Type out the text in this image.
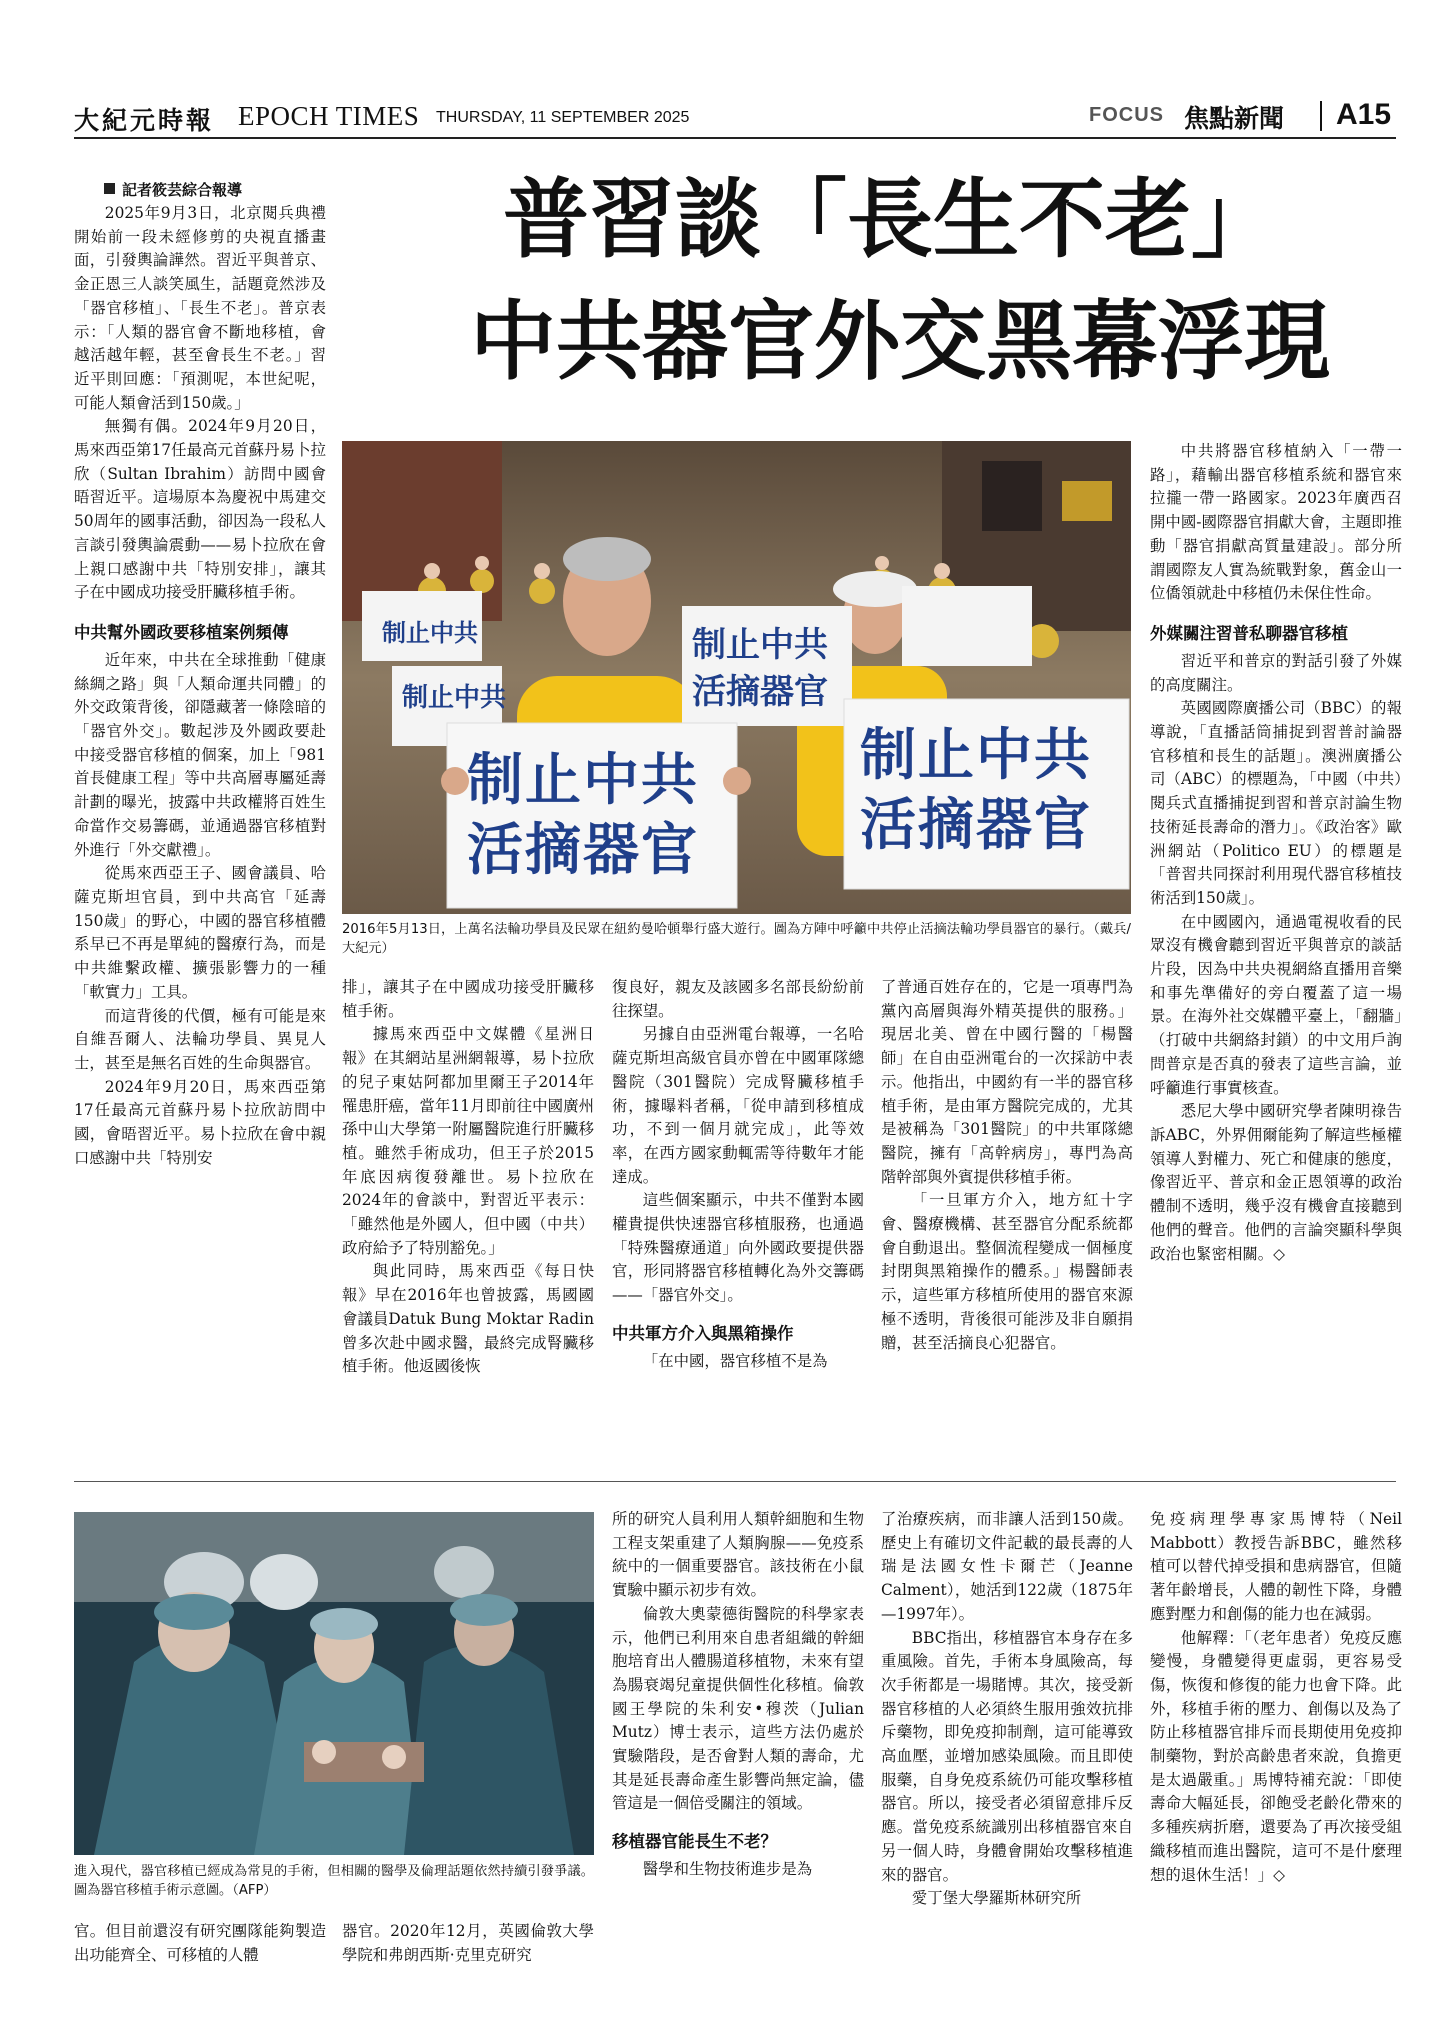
大紀元時報 EPOCH TIMES THURSDAY, 11 SEPTEMBER 2025	FOCUS 焦點新聞 A15
普習談「長生不老」
中共器官外交黑幕浮現

記者筱芸綜合報導

2025年9月3日，北京閱兵典禮開始前一段未經修剪的央視直播畫面，引發輿論譁然。習近平與普京、金正恩三人談笑風生，話題竟然涉及「器官移植」、「長生不老」。普京表示：「人類的器官會不斷地移植，會越活越年輕，甚至會長生不老。」習近平則回應：「預測呢，本世紀呢，可能人類會活到150歲。」

無獨有偶。2024年9月20日，馬來西亞第17任最高元首蘇丹易卜拉欣（Sultan Ibrahim）訪問中國會晤習近平。這場原本為慶祝中馬建交50周年的國事活動，卻因為一段私人言談引發輿論震動——易卜拉欣在會上親口感謝中共「特別安排」，讓其子在中國成功接受肝臟移植手術。

中共幫外國政要移植案例頻傳

近年來，中共在全球推動「健康絲綢之路」與「人類命運共同體」的外交政策背後，卻隱藏著一條陰暗的「器官外交」。數起涉及外國政要赴中接受器官移植的個案，加上「981首長健康工程」等中共高層專屬延壽計劃的曝光，披露中共政權將百姓生命當作交易籌碼，並通過器官移植對外進行「外交獻禮」。

從馬來西亞王子、國會議員、哈薩克斯坦官員，到中共高官「延壽150歲」的野心，中國的器官移植體系早已不再是單純的醫療行為，而是中共維繫政權、擴張影響力的一種「軟實力」工具。

而這背後的代價，極有可能是來自維吾爾人、法輪功學員、異見人士，甚至是無名百姓的生命與器官。

2024年9月20日，馬來西亞第17任最高元首蘇丹易卜拉欣訪問中國，會晤習近平。易卜拉欣在會中親口感謝中共「特別安

制止中共
制止中共
制止中共
活摘器官
制止中共
活摘器官
制止中共
活摘器官
2016年5月13日，上萬名法輪功學員及民眾在紐約曼哈頓舉行盛大遊行。圖為方陣中呼籲中共停止活摘法輪功學員器官的暴行。（戴兵/大紀元）

排」，讓其子在中國成功接受肝臟移植手術。

據馬來西亞中文媒體《星洲日報》在其網站星洲網報導，易卜拉欣的兒子東姑阿都加里爾王子2014年罹患肝癌，當年11月即前往中國廣州孫中山大學第一附屬醫院進行肝臟移植。雖然手術成功，但王子於2015年底因病復發離世。易卜拉欣在2024年的會談中，對習近平表示：「雖然他是外國人，但中國（中共）政府給予了特別豁免。」

與此同時，馬來西亞《每日快報》早在2016年也曾披露，馬國國會議員Datuk Bung Moktar Radin曾多次赴中國求醫，最終完成腎臟移植手術。他返國後恢

復良好，親友及該國多名部長紛紛前往探望。

另據自由亞洲電台報導，一名哈薩克斯坦高級官員亦曾在中國軍隊總醫院（301醫院）完成腎臟移植手術，據曝料者稱，「從申請到移植成功，不到一個月就完成」，此等效率，在西方國家動輒需等待數年才能達成。

這些個案顯示，中共不僅對本國權貴提供快速器官移植服務，也通過「特殊醫療通道」向外國政要提供器官，形同將器官移植轉化為外交籌碼——「器官外交」。

中共軍方介入與黑箱操作

「在中國，器官移植不是為

了普通百姓存在的，它是一項專門為黨內高層與海外精英提供的服務。」現居北美、曾在中國行醫的「楊醫師」在自由亞洲電台的一次採訪中表示。他指出，中國約有一半的器官移植手術，是由軍方醫院完成的，尤其是被稱為「301醫院」的中共軍隊總醫院，擁有「高幹病房」，專門為高階幹部與外賓提供移植手術。

「一旦軍方介入，地方紅十字會、醫療機構、甚至器官分配系統都會自動退出。整個流程變成一個極度封閉與黑箱操作的體系。」楊醫師表示，這些軍方移植所使用的器官來源極不透明，背後很可能涉及非自願捐贈，甚至活摘良心犯器官。

中共將器官移植納入「一帶一路」，藉輸出器官移植系統和器官來拉攏一帶一路國家。2023年廣西召開中國-國際器官捐獻大會，主題即推動「器官捐獻高質量建設」。部分所謂國際友人實為統戰對象，舊金山一位僑領就赴中移植仍未保住性命。

外媒關注習普私聊器官移植

習近平和普京的對話引發了外媒的高度關注。

英國國際廣播公司（BBC）的報導說，「直播話筒捕捉到習普討論器官移植和長生的話題」。澳洲廣播公司（ABC）的標題為，「中國（中共）閱兵式直播捕捉到習和普京討論生物技術延長壽命的潛力」。《政治客》歐洲網站（Politico EU）的標題是「普習共同探討利用現代器官移植技術活到150歲」。

在中國國內，通過電視收看的民眾沒有機會聽到習近平與普京的談話片段，因為中共央視網絡直播用音樂和事先準備好的旁白覆蓋了這一場景。在海外社交媒體平臺上，「翻牆」（打破中共網絡封鎖）的中文用戶詢問普京是否真的發表了這些言論，並呼籲進行事實核查。

悉尼大學中國研究學者陳明祿告訴ABC，外界佣爾能夠了解這些極權領導人對權力、死亡和健康的態度，像習近平、普京和金正恩領導的政治體制不透明，幾乎沒有機會直接聽到他們的聲音。他們的言論突顯科學與政治也緊密相關。◇

進入現代，器官移植已經成為常見的手術，但相關的醫學及倫理話題依然持續引發爭議。圖為器官移植手術示意圖。（AFP）

官。但目前還沒有研究團隊能夠製造出功能齊全、可移植的人體

器官。2020年12月，英國倫敦大學學院和弗朗西斯·克里克研究

所的研究人員利用人類幹細胞和生物工程支架重建了人類胸腺——免疫系統中的一個重要器官。該技術在小鼠實驗中顯示初步有效。

倫敦大奧蒙德街醫院的科學家表示，他們已利用來自患者組織的幹細胞培育出人體腸道移植物，未來有望為腸衰竭兒童提供個性化移植。倫敦國王學院的朱利安•穆茨（Julian Mutz）博士表示，這些方法仍處於實驗階段，是否會對人類的壽命，尤其是延長壽命產生影響尚無定論，儘管這是一個倍受關注的領域。

移植器官能長生不老？

醫學和生物技術進步是為

了治療疾病，而非讓人活到150歲。歷史上有確切文件記載的最長壽的人瑞是法國女性卡爾芒（Jeanne Calment），她活到122歲（1875年—1997年）。

BBC指出，移植器官本身存在多重風險。首先，手術本身風險高，每次手術都是一場賭博。其次，接受新器官移植的人必須終生服用強效抗排斥藥物，即免疫抑制劑，這可能導致高血壓，並增加感染風險。而且即使服藥，自身免疫系統仍可能攻擊移植器官。所以，接受者必須留意排斥反應。當免疫系統識別出移植器官來自另一個人時，身體會開始攻擊移植進來的器官。

愛丁堡大學羅斯林研究所

免疫病理學專家馬博特（Neil Mabbott）教授告訴BBC，雖然移植可以替代掉受損和患病器官，但隨著年齡增長，人體的韌性下降，身體應對壓力和創傷的能力也在減弱。

他解釋：「（老年患者）免疫反應變慢，身體變得更虛弱，更容易受傷，恢復和修復的能力也會下降。此外，移植手術的壓力、創傷以及為了防止移植器官排斥而長期使用免疫抑制藥物，對於高齡患者來說，負擔更是太過嚴重。」馬博特補充說：「即使壽命大幅延長，卻飽受老齡化帶來的多種疾病折磨，還要為了再次接受組織移植而進出醫院，這可不是什麼理想的退休生活！」◇
